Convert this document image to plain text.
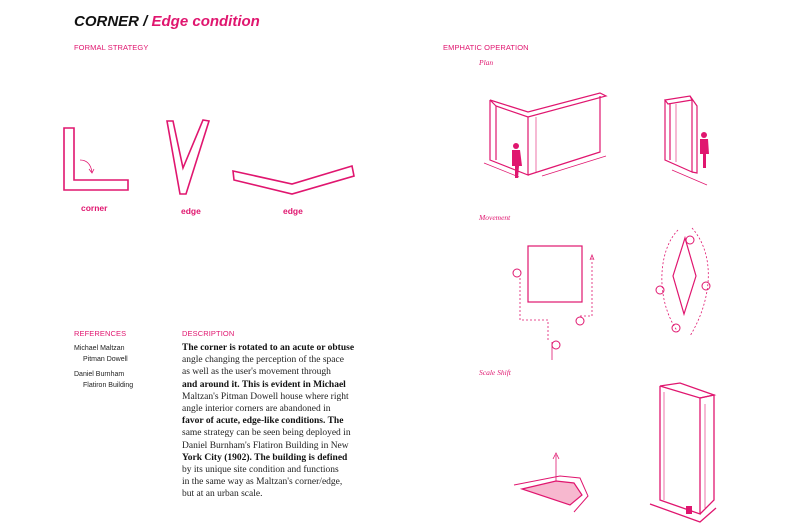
CORNER / Edge condition
FORMAL STRATEGY	EMPHATIC OPERATION
Plan
Movement
Scale Shift
corner	edge	edge
REFERENCES
Michael Maltzan
Pitman Dowell
Daniel Burnham
Flatiron Building
DESCRIPTION
The corner is rotated to an acute or obtuse
angle changing the perception of the space
as well as the user's movement through
and around it. This is evident in Michael
Maltzan's Pitman Dowell house where right
angle interior corners are abandoned in
favor of acute, edge-like conditions. The
same strategy can be seen being deployed in
Daniel Burnham's Flatiron Building in New
York City (1902). The building is defined
by its unique site condition and functions
in the same way as Maltzan's corner/edge,
but at an urban scale.
